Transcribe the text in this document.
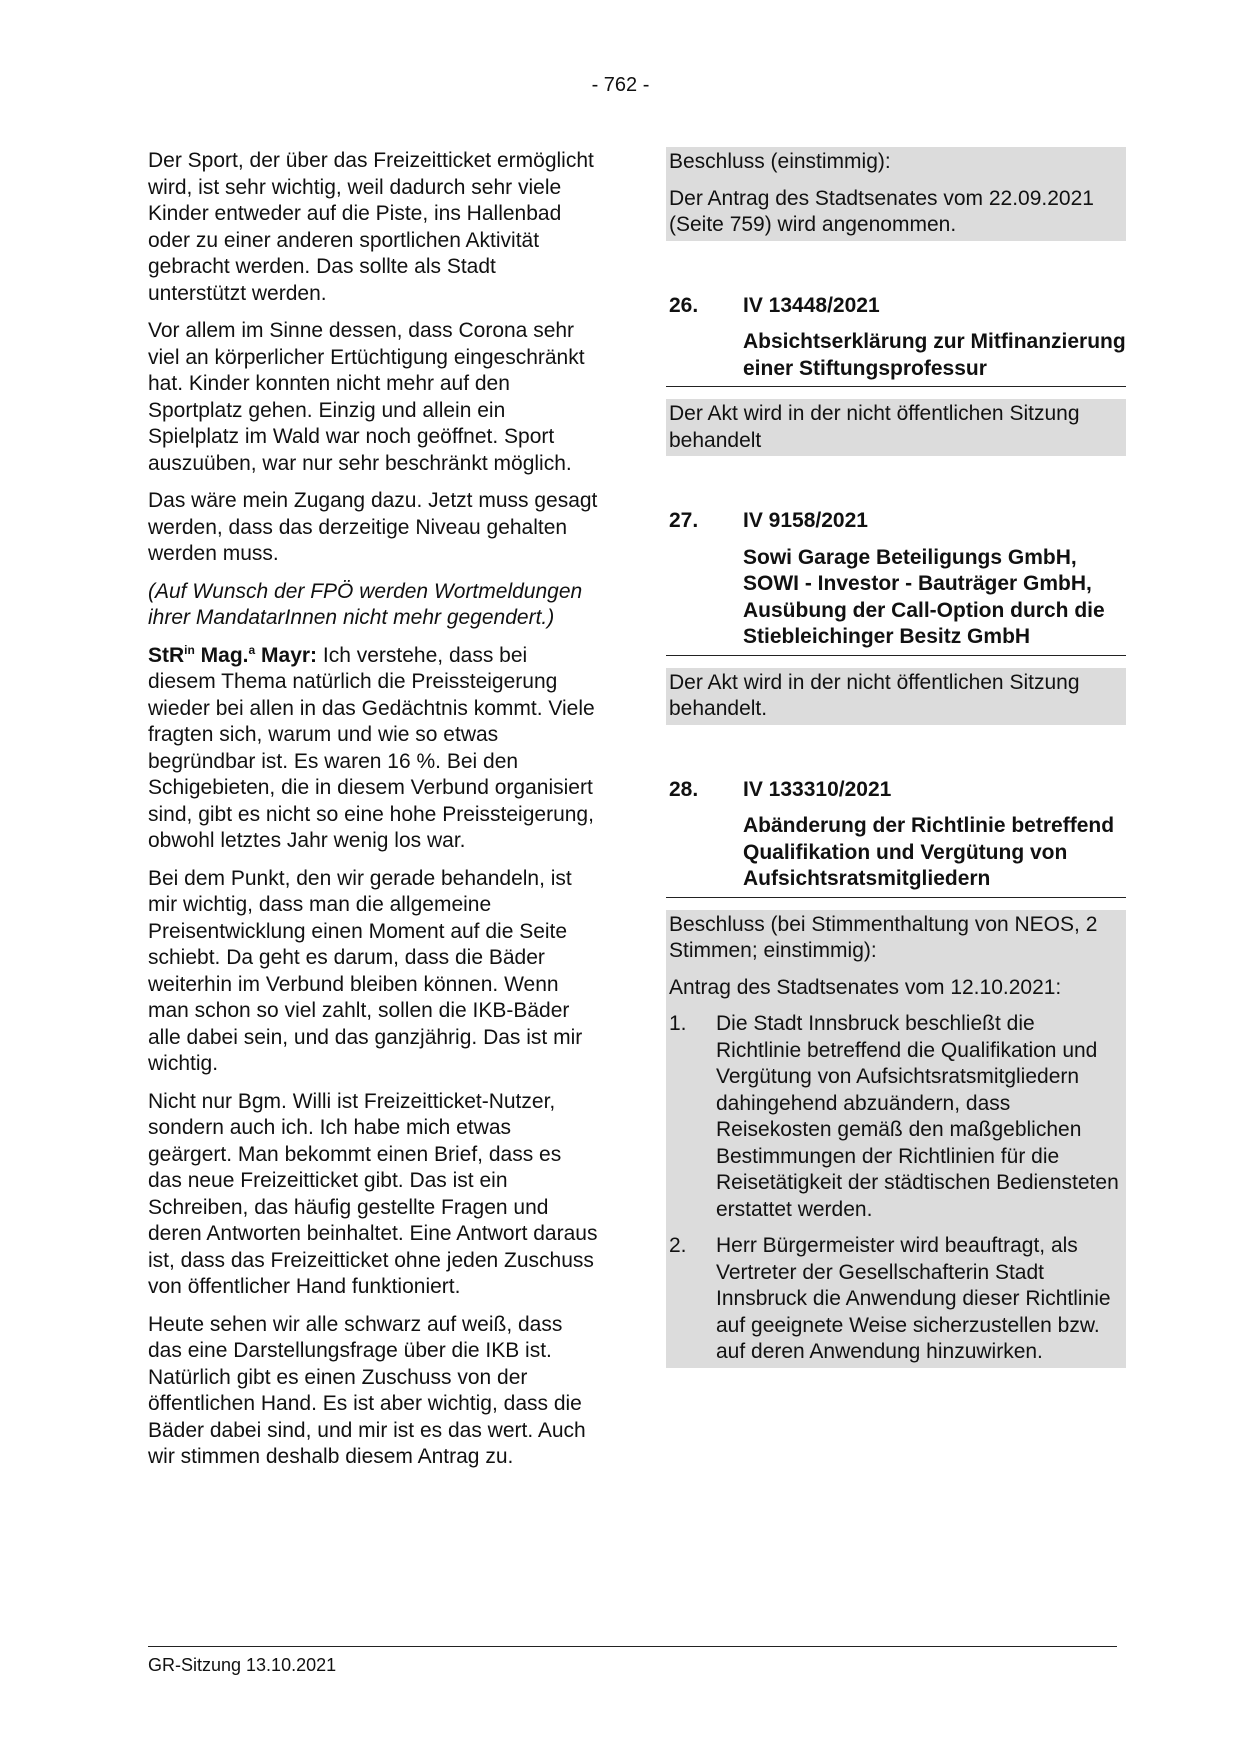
- 762 -

Der Sport, der über das Freizeitticket ermöglicht wird, ist sehr wichtig, weil dadurch sehr viele Kinder entweder auf die Piste, ins Hallenbad oder zu einer anderen sportlichen Aktivität gebracht werden. Das sollte als Stadt unterstützt werden.

Vor allem im Sinne dessen, dass Corona sehr viel an körperlicher Ertüchtigung eingeschränkt hat. Kinder konnten nicht mehr auf den Sportplatz gehen. Einzig und allein ein Spielplatz im Wald war noch geöffnet. Sport auszuüben, war nur sehr beschränkt möglich.

Das wäre mein Zugang dazu. Jetzt muss gesagt werden, dass das derzeitige Niveau gehalten werden muss.

(Auf Wunsch der FPÖ werden Wortmeldungen ihrer MandatarInnen nicht mehr gegendert.)

StR$^{in}$ Mag.$^a$ Mayr: Ich verstehe, dass bei diesem Thema natürlich die Preissteigerung wieder bei allen in das Gedächtnis kommt. Viele fragten sich, warum und wie so etwas begründbar ist. Es waren 16 %. Bei den Schigebieten, die in diesem Verbund organisiert sind, gibt es nicht so eine hohe Preissteigerung, obwohl letztes Jahr wenig los war.

Bei dem Punkt, den wir gerade behandeln, ist mir wichtig, dass man die allgemeine Preisentwicklung einen Moment auf die Seite schiebt. Da geht es darum, dass die Bäder weiterhin im Verbund bleiben können. Wenn man schon so viel zahlt, sollen die IKB-Bäder alle dabei sein, und das ganzjährig. Das ist mir wichtig.

Nicht nur Bgm. Willi ist Freizeitticket-Nutzer, sondern auch ich. Ich habe mich etwas geärgert. Man bekommt einen Brief, dass es das neue Freizeitticket gibt. Das ist ein Schreiben, das häufig gestellte Fragen und deren Antworten beinhaltet. Eine Antwort daraus ist, dass das Freizeitticket ohne jeden Zuschuss von öffentlicher Hand funktioniert.

Heute sehen wir alle schwarz auf weiß, dass das eine Darstellungsfrage über die IKB ist. Natürlich gibt es einen Zuschuss von der öffentlichen Hand. Es ist aber wichtig, dass die Bäder dabei sind, und mir ist es das wert. Auch wir stimmen deshalb diesem Antrag zu.

Beschluss (einstimmig):

Der Antrag des Stadtsenates vom 22.09.2021 (Seite 759) wird angenommen.

26.	IV 13448/2021
Absichtserklärung zur Mitfinanzierung einer Stiftungsprofessur
Der Akt wird in der nicht öffentlichen Sitzung behandelt
27.	IV 9158/2021
Sowi Garage Beteiligungs GmbH, SOWI - Investor - Bauträger GmbH, Ausübung der Call-Option durch die Stiebleichinger Besitz GmbH
Der Akt wird in der nicht öffentlichen Sitzung behandelt.
28.	IV 133310/2021
Abänderung der Richtlinie betreffend Qualifikation und Vergütung von Aufsichtsratsmitgliedern

Beschluss (bei Stimmenthaltung von NEOS, 2 Stimmen; einstimmig):

Antrag des Stadtsenates vom 12.10.2021:

1.	Die Stadt Innsbruck beschließt die Richtlinie betreffend die Qualifikation und Vergütung von Aufsichtsratsmitgliedern dahingehend abzuändern, dass Reisekosten gemäß den maßgeblichen Bestimmungen der Richtlinien für die Reisetätigkeit der städtischen Bediensteten erstattet werden.
2.	Herr Bürgermeister wird beauftragt, als Vertreter der Gesellschafterin Stadt Innsbruck die Anwendung dieser Richtlinie auf geeignete Weise sicherzustellen bzw. auf deren Anwendung hinzuwirken.
GR-Sitzung 13.10.2021
